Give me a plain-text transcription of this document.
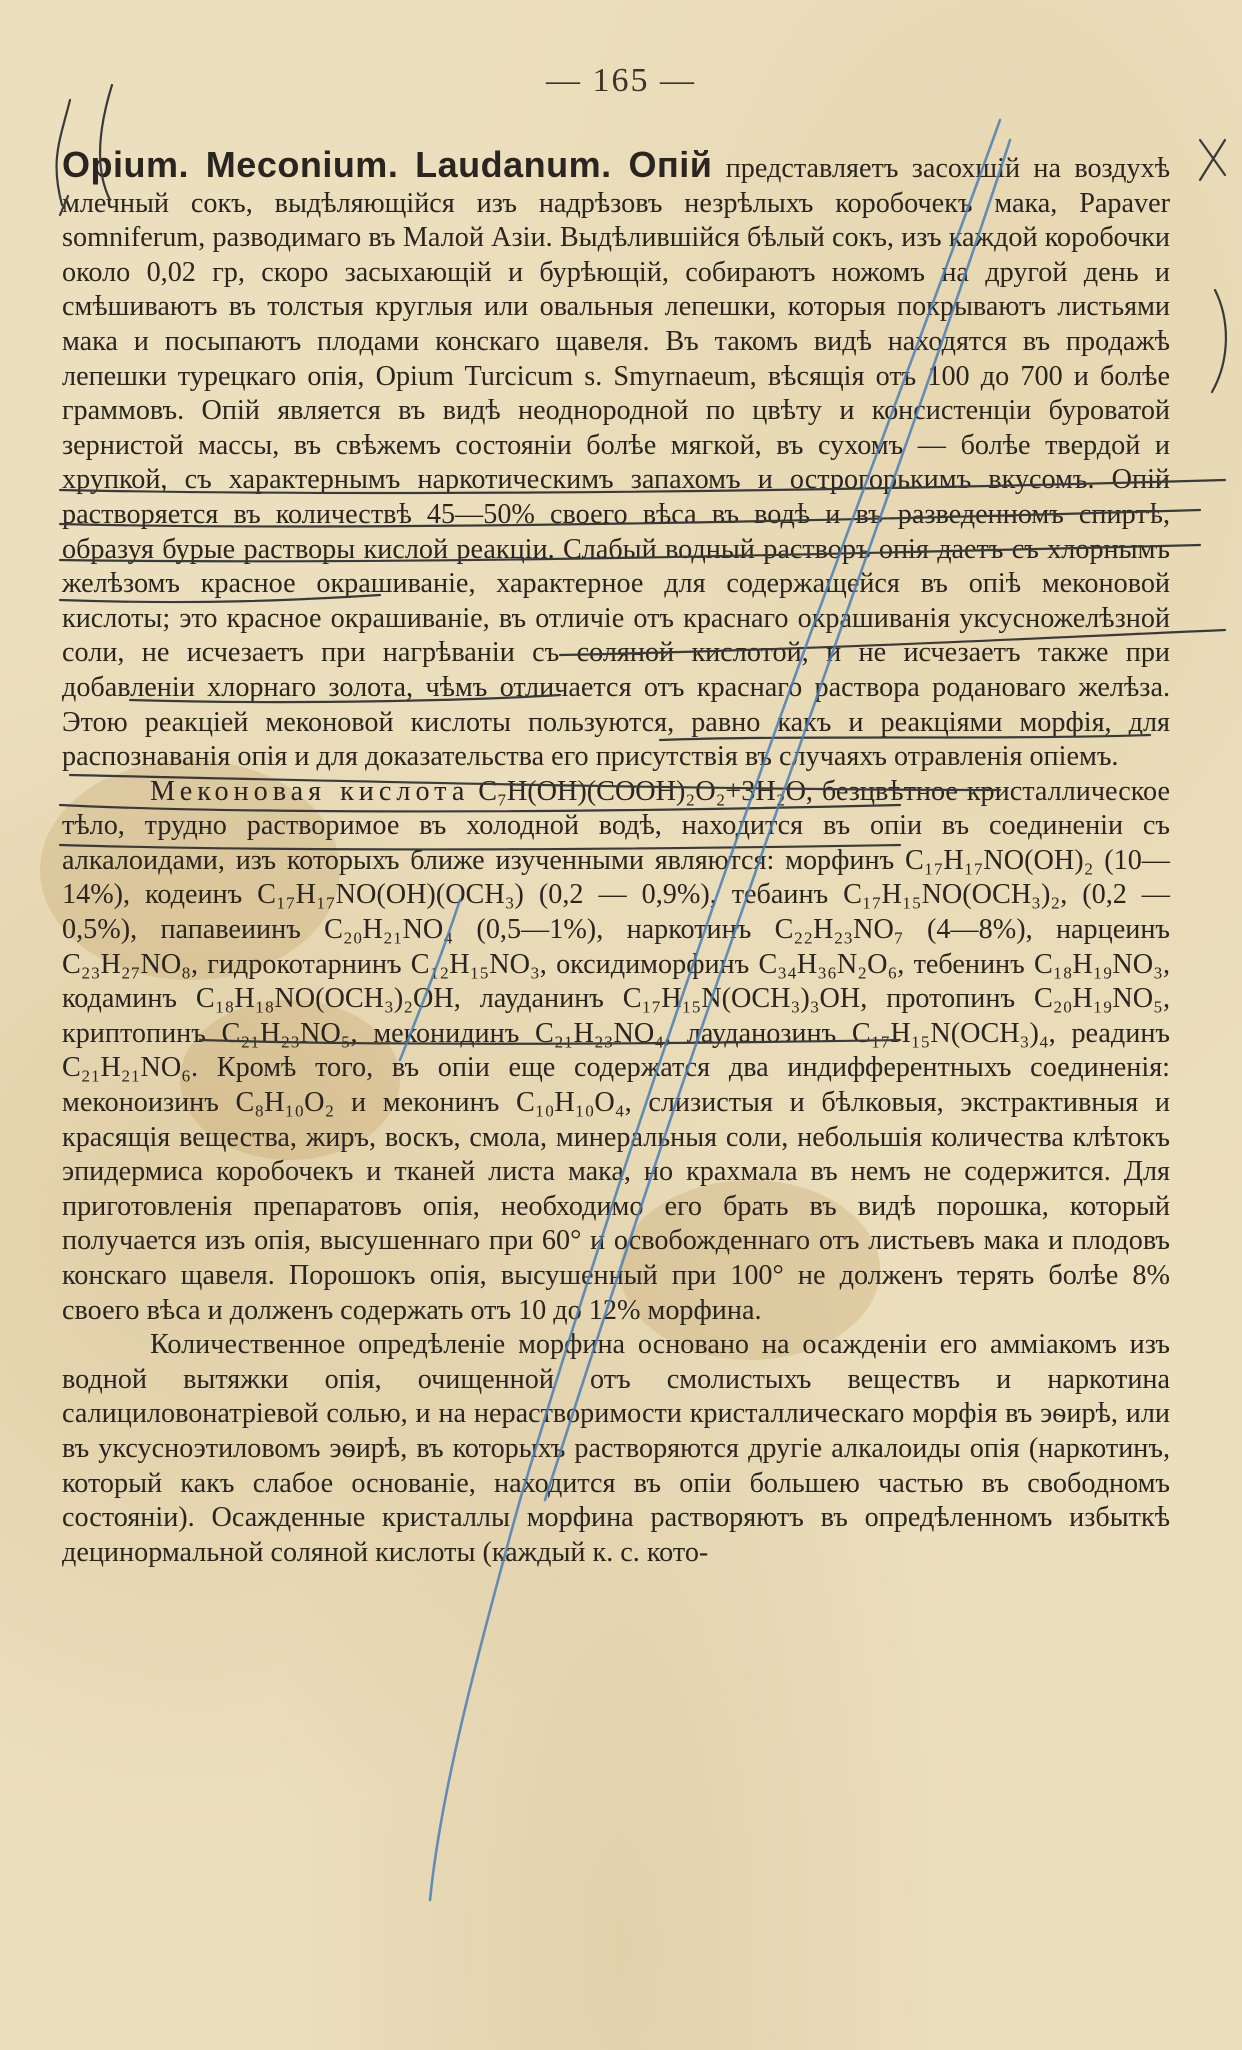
— 165 —

Opium. Meconium. Laudanum. Опій представляетъ засохшій на воздухѣ млечный сокъ, выдѣляющійся изъ надрѣзовъ незрѣлыхъ коробочекъ мака, Papaver somniferum, разводимаго въ Малой Азіи. Выдѣлившійся бѣлый сокъ, изъ каждой коробочки около 0,02 гр, скоро засыхающій и бурѣющій, собираютъ ножомъ на другой день и смѣшиваютъ въ толстыя круглыя или овальныя лепешки, которыя покрываютъ листьями мака и посыпаютъ плодами конскаго щавеля. Въ такомъ видѣ находятся въ продажѣ лепешки турецкаго опія, Opium Turcicum s. Smyrnaeum, вѣсящія отъ 100 до 700 и болѣе граммовъ. Опій является въ видѣ неоднородной по цвѣту и консистенціи буроватой зернистой массы, въ свѣжемъ состояніи болѣе мягкой, въ сухомъ — болѣе твердой и хрупкой, съ характернымъ наркотическимъ запахомъ и острогорькимъ вкусомъ. Опій растворяется въ количествѣ 45—50% своего вѣса въ водѣ и въ разведенномъ спиртѣ, образуя бурые растворы кислой реакціи. Слабый водный растворъ опія даетъ съ хлорнымъ желѣзомъ красное окрашиваніе, характерное для содержащейся въ опіѣ меконовой кислоты; это красное окрашиваніе, въ отличіе отъ краснаго окрашиванія уксусножелѣзной соли, не исчезаетъ при нагрѣваніи съ соляной кислотой, и не исчезаетъ также при добавленіи хлорнаго золота, чѣмъ отличается отъ краснаго раствора родановаго желѣза. Этою реакціей меконовой кислоты пользуются, равно какъ и реакціями морфія, для распознаванія опія и для доказательства его присутствія въ случаяхъ отравленія опіемъ.

Меконовая кислота C₇H(OH)(COOH)₂O₂+3H₂O, безцвѣтное кристаллическое тѣло, трудно растворимое въ холодной водѣ, находится въ опіи въ соединеніи съ алкалоидами, изъ которыхъ ближе изученными являются: морфинъ C₁₇H₁₇NO(OH)₂ (10—14%), кодеинъ C₁₇H₁₇NO(OH)(OCH₃) (0,2 — 0,9%), тебаинъ C₁₇H₁₅NO(OCH₃)₂, (0,2 — 0,5%), папавеиинъ C₂₀H₂₁NO₄ (0,5—1%), наркотинъ C₂₂H₂₃NO₇ (4—8%), нарцеинъ C₂₃H₂₇NO₈, гидрокотарнинъ C₁₂H₁₅NO₃, оксидиморфинъ C₃₄H₃₆N₂O₆, тебенинъ C₁₈H₁₉NO₃, кодаминъ C₁₈H₁₈NO(OCH₃)₂OH, лауданинъ C₁₇H₁₅N(OCH₃)₃OH, протопинъ C₂₀H₁₉NO₅, криптопинъ C₂₁H₂₃NO₅, меконидинъ C₂₁H₂₃NO₄, лауданозинъ C₁₇H₁₅N(OCH₃)₄, реадинъ C₂₁H₂₁NO₆. Кромѣ того, въ опіи еще содержатся два индифферентныхъ соединенія: меконоизинъ C₈H₁₀O₂ и меконинъ C₁₀H₁₀O₄, слизистыя и бѣлковыя, экстрактивныя и красящія вещества, жиръ, воскъ, смола, минеральныя соли, небольшія количества клѣтокъ эпидермиса коробочекъ и тканей листа мака, но крахмала въ немъ не содержится. Для приготовленія препаратовъ опія, необходимо его брать въ видѣ порошка, который получается изъ опія, высушеннаго при 60° и освобожденнаго отъ листьевъ мака и плодовъ конскаго щавеля. Порошокъ опія, высушенный при 100° не долженъ терять болѣе 8% своего вѣса и долженъ содержать отъ 10 до 12% морфина.

Количественное опредѣленіе морфина основано на осажденіи его аммiакомъ изъ водной вытяжки опія, очищенной отъ смолистыхъ веществъ и наркотина салициловонатрiевой солью, и на нерастворимости кристаллическаго морфія въ эѳирѣ, или въ уксусноэтиловомъ эѳирѣ, въ которыхъ растворяются другіе алкалоиды опія (наркотинъ, который какъ слабое основаніе, находится въ опіи большею частью въ свободномъ состояніи). Осажденные кристаллы морфина растворяютъ въ опредѣленномъ избыткѣ децинормальной соляной кислоты (каждый к. с. кото-
